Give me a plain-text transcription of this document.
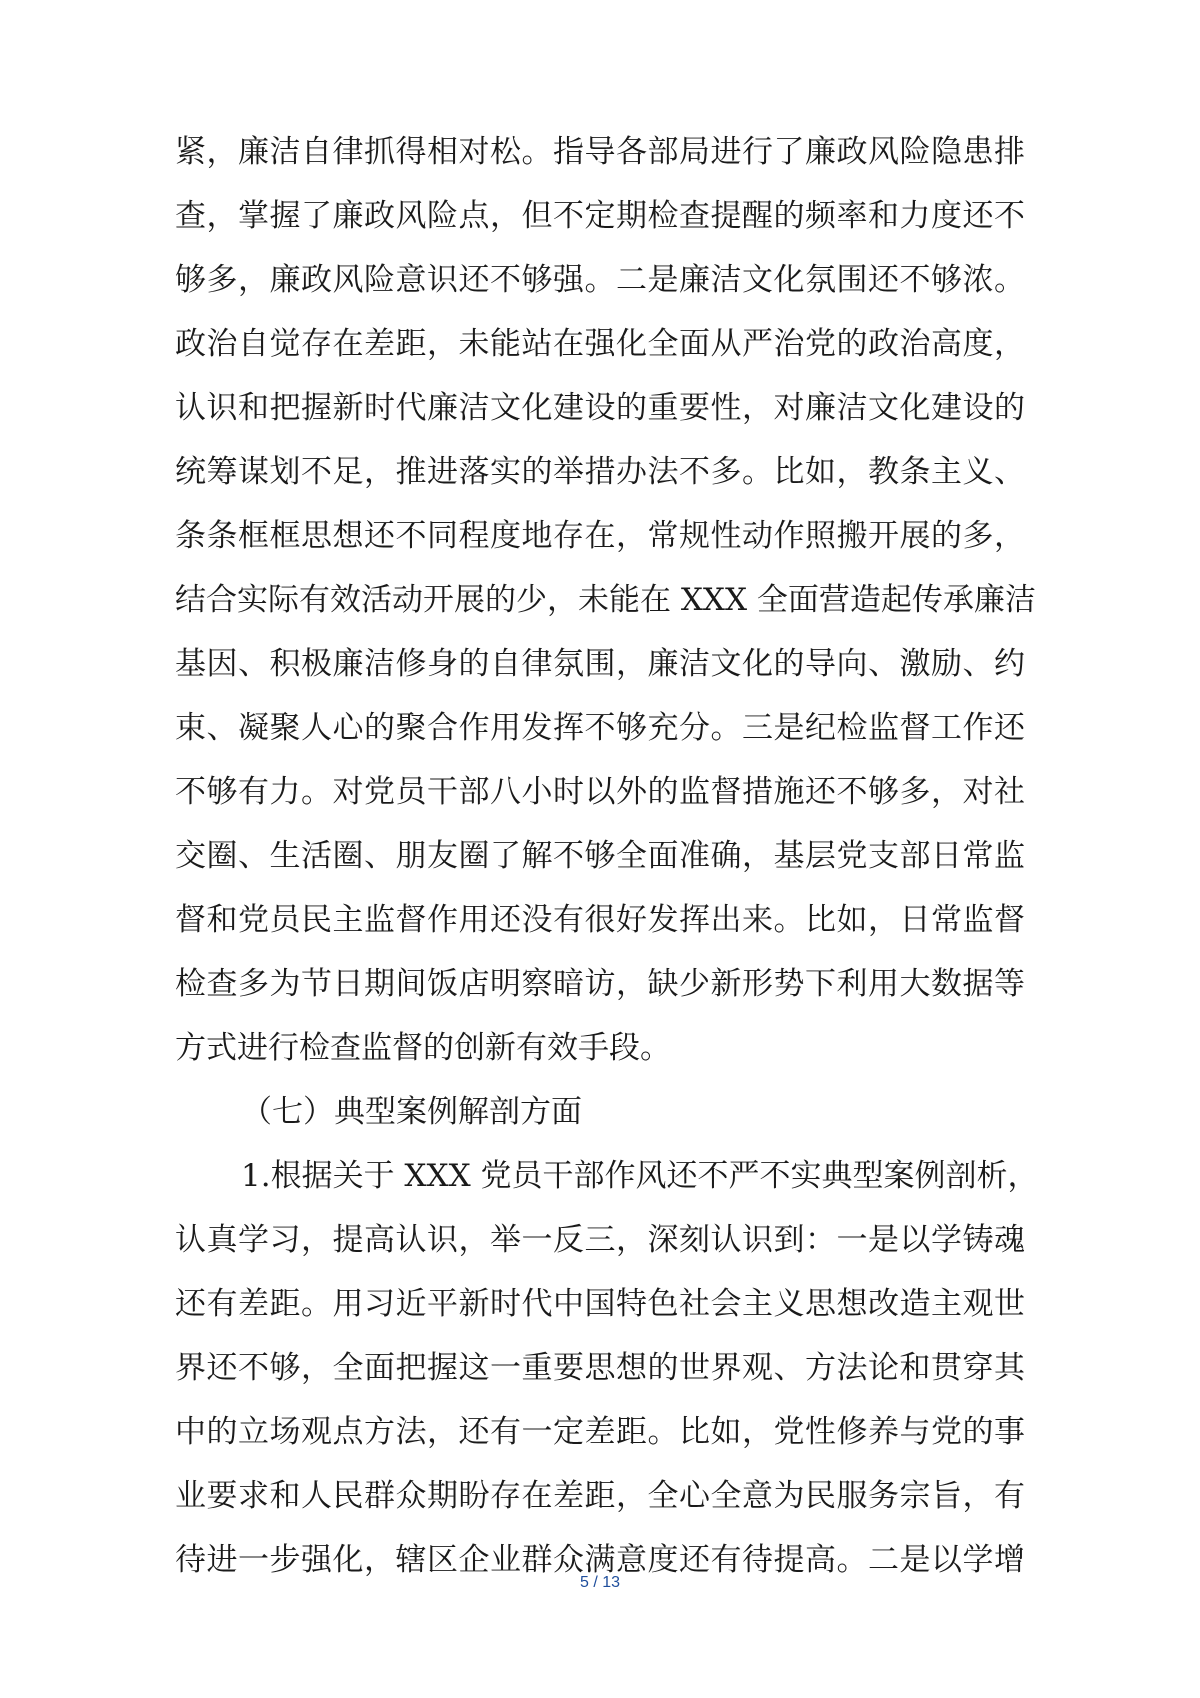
紧，廉洁自律抓得相对松。指导各部局进行了廉政风险隐患排
查，掌握了廉政风险点，但不定期检查提醒的频率和力度还不
够多，廉政风险意识还不够强。二是廉洁文化氛围还不够浓。
政治自觉存在差距，未能站在强化全面从严治党的政治高度，
认识和把握新时代廉洁文化建设的重要性，对廉洁文化建设的
统筹谋划不足，推进落实的举措办法不多。比如，教条主义、
条条框框思想还不同程度地存在，常规性动作照搬开展的多，
结合实际有效活动开展的少，未能在 XXX 全面营造起传承廉洁
基因、积极廉洁修身的自律氛围，廉洁文化的导向、激励、约
束、凝聚人心的聚合作用发挥不够充分。三是纪检监督工作还
不够有力。对党员干部八小时以外的监督措施还不够多，对社
交圈、生活圈、朋友圈了解不够全面准确，基层党支部日常监
督和党员民主监督作用还没有很好发挥出来。比如，日常监督
检查多为节日期间饭店明察暗访，缺少新形势下利用大数据等
方式进行检查监督的创新有效手段。
（七）典型案例解剖方面
1.根据关于 XXX 党员干部作风还不严不实典型案例剖析，
认真学习，提高认识，举一反三，深刻认识到：一是以学铸魂
还有差距。用习近平新时代中国特色社会主义思想改造主观世
界还不够，全面把握这一重要思想的世界观、方法论和贯穿其
中的立场观点方法，还有一定差距。比如，党性修养与党的事
业要求和人民群众期盼存在差距，全心全意为民服务宗旨，有
待进一步强化，辖区企业群众满意度还有待提高。二是以学增
5 / 13
